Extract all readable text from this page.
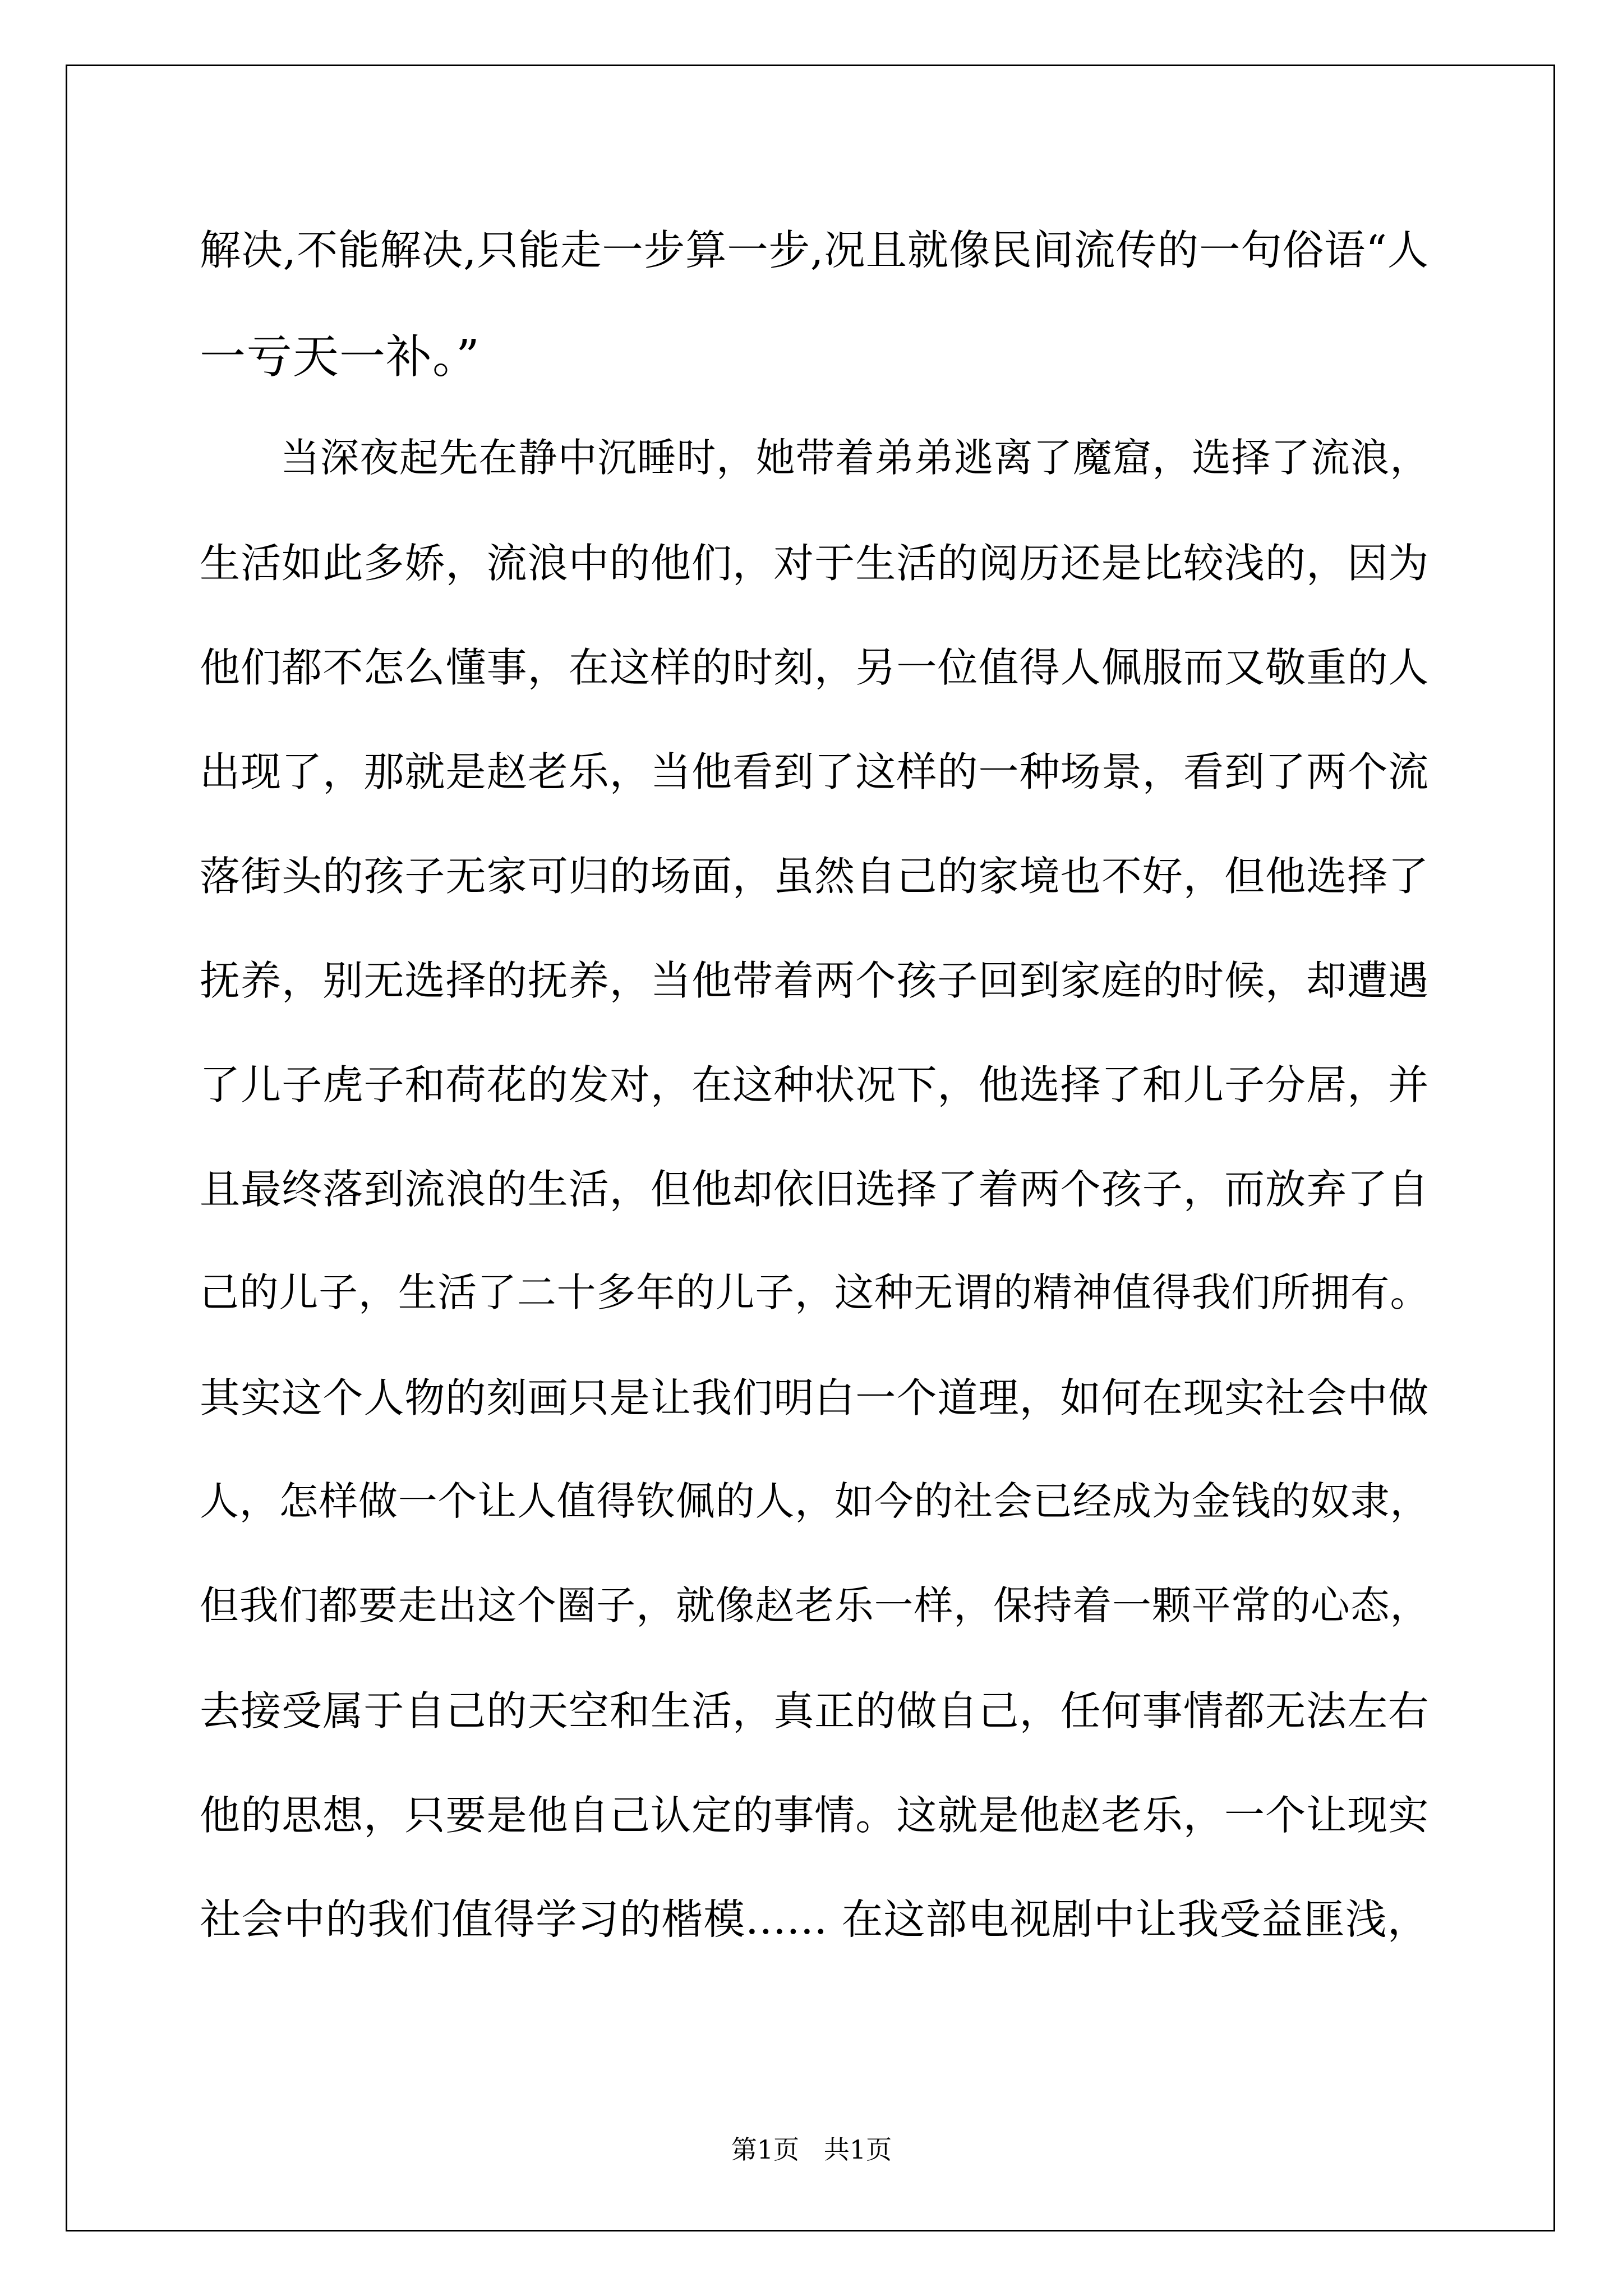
解决,不能解决,只能走一步算一步,况且就像民间流传的一句俗语“人
一亏天一补。”
当深夜起先在静中沉睡时，她带着弟弟逃离了魔窟，选择了流浪，
生活如此多娇，流浪中的他们，对于生活的阅历还是比较浅的，因为
他们都不怎么懂事，在这样的时刻，另一位值得人佩服而又敬重的人
出现了，那就是赵老乐，当他看到了这样的一种场景，看到了两个流
落街头的孩子无家可归的场面，虽然自己的家境也不好，但他选择了
抚养，别无选择的抚养，当他带着两个孩子回到家庭的时候，却遭遇
了儿子虎子和荷花的发对，在这种状况下，他选择了和儿子分居，并
且最终落到流浪的生活，但他却依旧选择了着两个孩子，而放弃了自
己的儿子，生活了二十多年的儿子，这种无谓的精神值得我们所拥有。
其实这个人物的刻画只是让我们明白一个道理，如何在现实社会中做
人，怎样做一个让人值得钦佩的人，如今的社会已经成为金钱的奴隶，
但我们都要走出这个圈子，就像赵老乐一样，保持着一颗平常的心态，
去接受属于自己的天空和生活，真正的做自己，任何事情都无法左右
他的思想，只要是他自己认定的事情。这就是他赵老乐，一个让现实
社会中的我们值得学习的楷模...... 在这部电视剧中让我受益匪浅，
第1页   共1页
